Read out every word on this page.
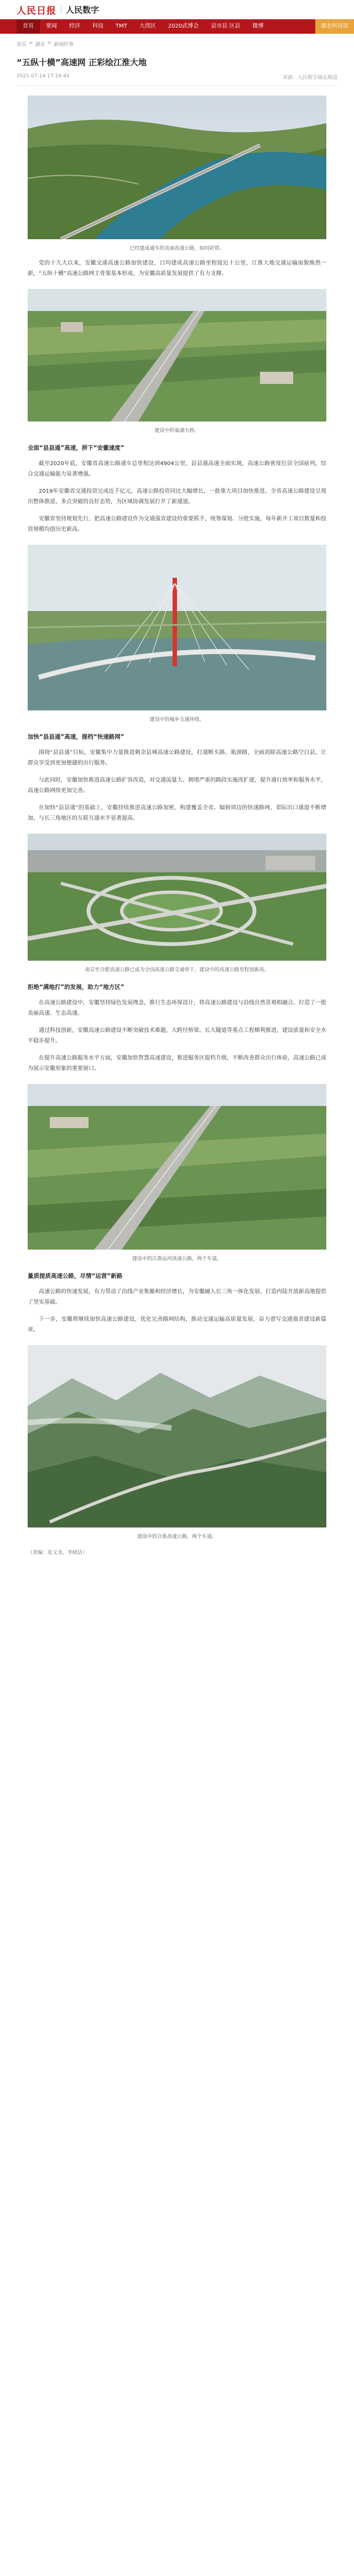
人民日报 人民数字
首页	要闻	经济	科技	TMT	大湾区	2020武博会	县市县 区县	微博	湖北科技馆
首页 > 湖北 > 新闻时事
“五纵十横”高速网 正彩绘江淮大地
2021-07-14 17:16:44	来源：人民数字湖北频道
已经建成通车的美丽高速公路，如同彩带。

党的十九大以来，安徽交通高速公路加快建设，日均建成高速公路里程接近十公里，江淮大地交通运输面貌焕然一新，“五纵十横”高速公路网主骨架基本形成，为安徽高质量发展提供了有力支撑。

建设中的巢湖大桥。
全面“县县通”高速，拼下“安徽速度”

截至2020年底，安徽省高速公路通车总里程达到4904公里，县县通高速全面实现，高速公路密度位居全国前列，综合交通运输能力显著增强。

2019年安徽省交通投资完成近千亿元，高速公路投资同比大幅增长，一批重大项目加快推进，全省高速公路建设呈现出整体推进、多点突破的良好态势，为区域协调发展打开了新通道。

安徽省坚持规划先行，把高速公路建设作为交通强省建设的重要抓手，统筹谋划、分批实施，每年新开工项目数量和投资规模均创历史新高。

建设中的城乡交通环线。
加快“县县通”高速，提档“快速路网”

围绕“县县通”目标，安徽集中力量推进剩余县城高速公路建设，打通断头路、瓶颈路，全面消除高速公路空白县，让群众享受到更加便捷的出行服务。

与此同时，安徽加快推进高速公路扩容改造，对交通流量大、拥堵严重的路段实施改扩建，提升通行效率和服务水平，高速公路网络更加完善。

在加快“县县通”的基础上，安徽持续推进高速公路加密，构建覆盖全省、辐射周边的快速路网，省际出口通道不断增加，与长三角地区的互联互通水平显著提高。

南京至合肥高速公路已成为全国高速公路交通骨干，建设中的高速公路里程创新高。
拒绝“满地打”的发展，助力“地方区”

在高速公路建设中，安徽坚持绿色发展理念，推行生态环保设计，将高速公路建设与沿线自然景观相融合，打造了一批美丽高速、生态高速。

通过科技创新，安徽高速公路建设不断突破技术难题，大跨径桥梁、长大隧道等重点工程顺利推进，建设质量和安全水平稳步提升。

在提升高速公路服务水平方面，安徽加快智慧高速建设，推进服务区提档升级，不断改善群众出行体验，高速公路已成为展示安徽形象的重要窗口。

建设中的江淮运河高速公路，两个车道。
量质提质高速公路，尽情“运营”新路

高速公路的快速发展，有力带动了沿线产业集聚和经济增长，为安徽融入长三角一体化发展、打造内陆开放新高地提供了坚实基础。

下一步，安徽将继续加快高速公路建设，优化完善路网结构，推动交通运输高质量发展，奋力谱写交通强省建设新篇章。

建设中的合淮高速公路，两个车道。
（责编：张义龙、李晓洁）
